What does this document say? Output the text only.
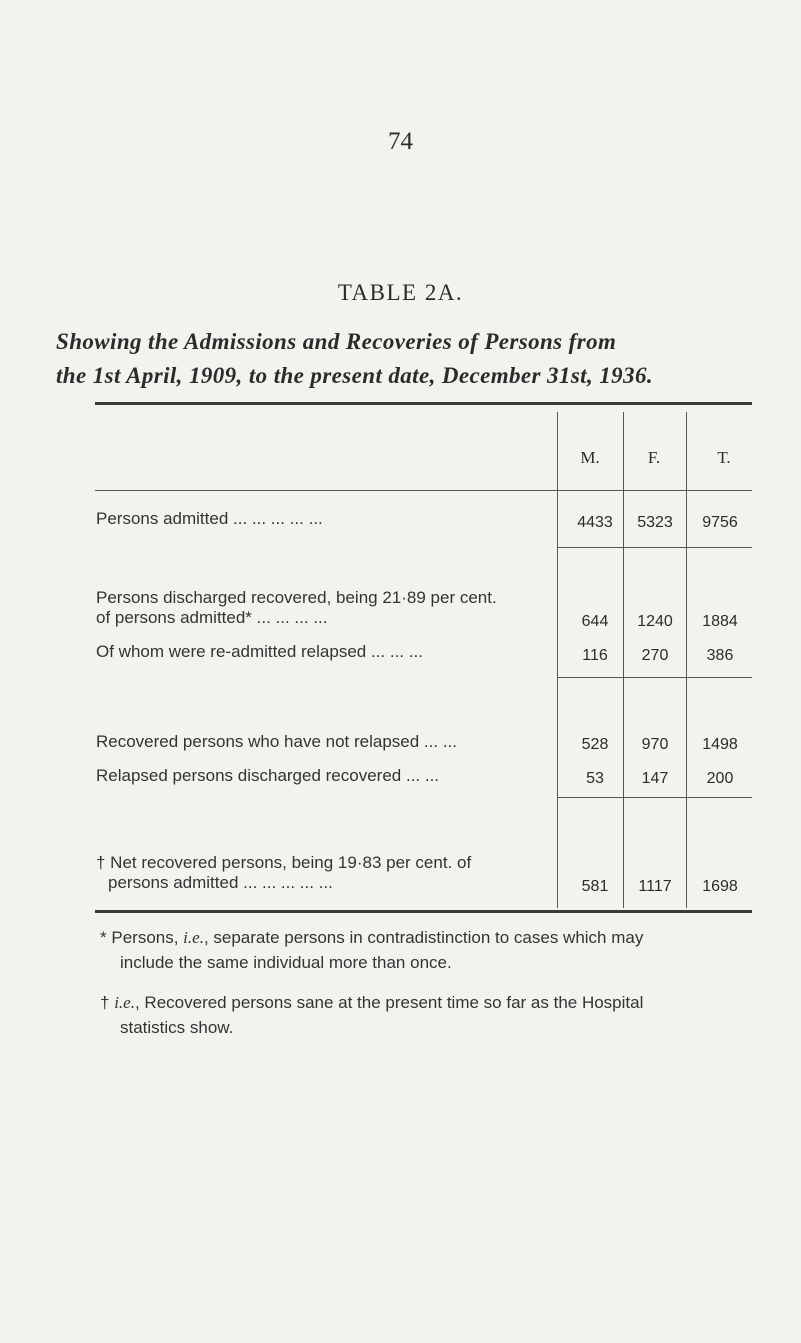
74
TABLE 2A.
Showing the Admissions and Recoveries of Persons from
the 1st April, 1909, to the present date, December 31st, 1936.
M.	F.	T.
Persons admitted ... ... ... ... ...	4433	5323	9756
Persons discharged recovered, being 21·89 per cent.
of persons admitted* ... ... ... ...	644	1240	1884
Of whom were re-admitted relapsed ... ... ...	116	270	386
Recovered persons who have not relapsed ... ...	528	970	1498
Relapsed persons discharged recovered ... ...	53	147	200
† Net recovered persons, being 19·83 per cent. of
persons admitted ... ... ... ... ...	581	1117	1698
* Persons, i.e., separate persons in contradistinction to cases which may
include the same individual more than once.
† i.e., Recovered persons sane at the present time so far as the Hospital
statistics show.
